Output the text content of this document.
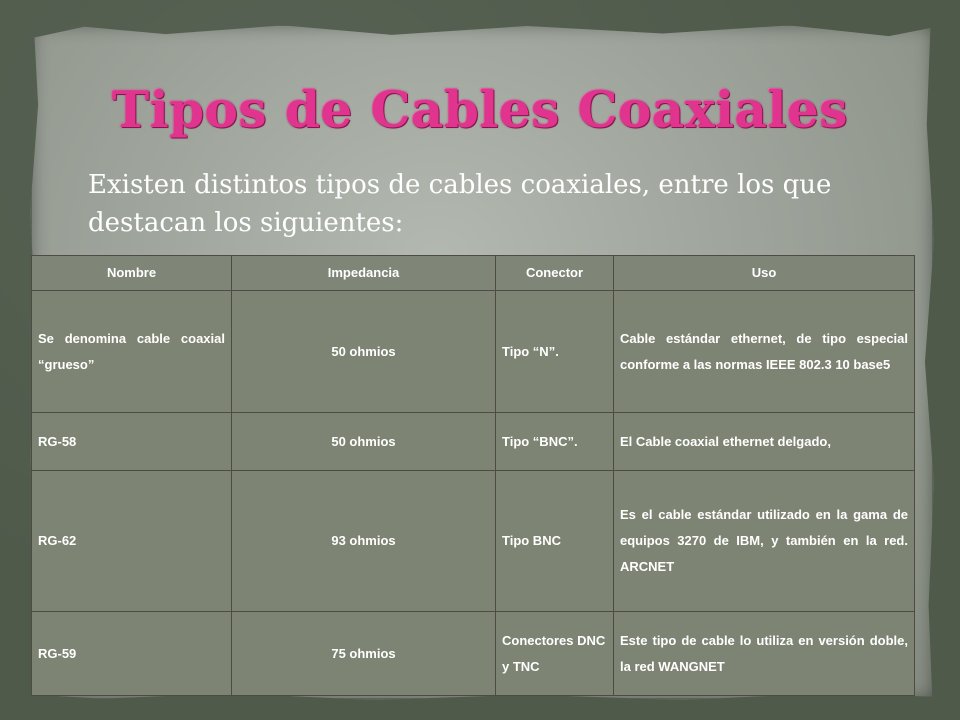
Tipos de Cables Coaxiales
Existen distintos tipos de cables coaxiales, entre los que destacan los siguientes:
Nombre	Impedancia	Conector	Uso
Se denomina cable coaxial “grueso”	50 ohmios	Tipo “N”.	Cable estándar ethernet, de tipo especial conforme a las normas IEEE 802.3 10 base5
RG-58	50 ohmios	Tipo “BNC”.	El Cable coaxial ethernet delgado,
RG-62	93 ohmios	Tipo BNC	Es el cable estándar utilizado en la gama de equipos 3270 de IBM, y también en la red. ARCNET
RG-59	75 ohmios	Conectores DNC y TNC	Este tipo de cable lo utiliza en versión doble, la red WANGNET
